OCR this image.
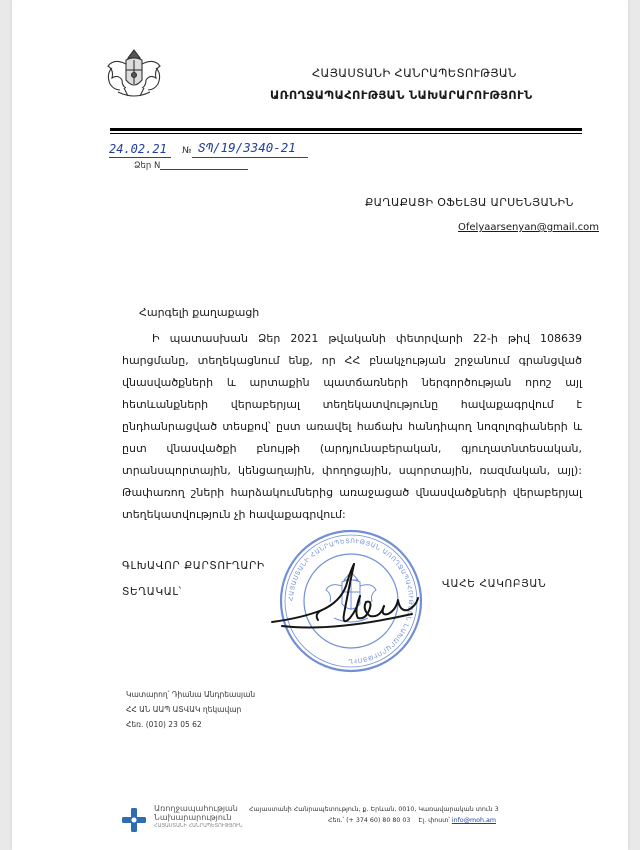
ՀԱՅԱՍՏԱՆԻ ՀԱՆՐԱՊԵՏՈՒԹՅԱՆ
ԱՌՈՂՋԱՊԱՀՈՒԹՅԱՆ ՆԱԽԱՐԱՐՈՒԹՅՈՒՆ
24.02.21 № ՏՊ/19/3340-21
Ձեր N
ՔԱՂԱՔԱՑԻ ՕՖԵԼՅԱ ԱՐՍԵՆՅԱՆԻՆ
Ofelyaarsenyan@gmail.com
Հարգելի քաղաքացի

Ի պատասխան Ձեր 2021 թվականի փետրվարի 22-ի թիվ 108639 հարցմանը, տեղեկացնում ենք, որ ՀՀ բնակչության շրջանում գրանցված վնասվածքների և արտաքին պատճառների ներգործության որոշ այլ հետևանքների վերաբերյալ տեղեկատվությունը հավաքագրվում է ընդհանրացված տեսքով՝ ըստ առավել հաճախ հանդիպող նոզոլոգիաների և ըստ վնասվածքի բնույթի (արդյունաբերական, գյուղատնտեսական, տրանսպորտային, կենցաղային, փողոցային, սպորտային, ռազմական, այլ): Թափառող շների հարձակումներից առաջացած վնասվածքների վերաբերյալ տեղեկատվություն չի հավաքագրվում:

ԳԼԽԱՎՈՐ ՔԱՐՏՈՒՂԱՐԻ
ՏԵՂԱԿԱԼ՝
ՎԱՀԵ ՀԱԿՈԲՅԱՆ
ՀԱՅԱՍՏԱՆԻ ՀԱՆՐԱՊԵՏՈՒԹՅԱՆ ԱՌՈՂՋԱՊԱՀՈՒԹՅԱՆ ՆԱԽԱՐԱՐՈՒԹՅՈՒՆ
Կատարող՝ Դիանա Անդրեասյան
ՀՀ ԱՆ ԱԱՊ ԱՏՎԱԿ ղեկավար
Հեռ. (010) 23 05 62
Առողջապահության
Նախարարություն
ՀԱՅԱՍՏԱՆԻ ՀԱՆՐԱՊԵՏՈՒԹՅՈՒՆ
Հայաստանի Հանրապետություն, ք. Երևան, 0010, Կառավարական տուն 3
Հեռ.՝ (+ 374 60) 80 80 03 Էլ. փոստ՝ info@moh.am
